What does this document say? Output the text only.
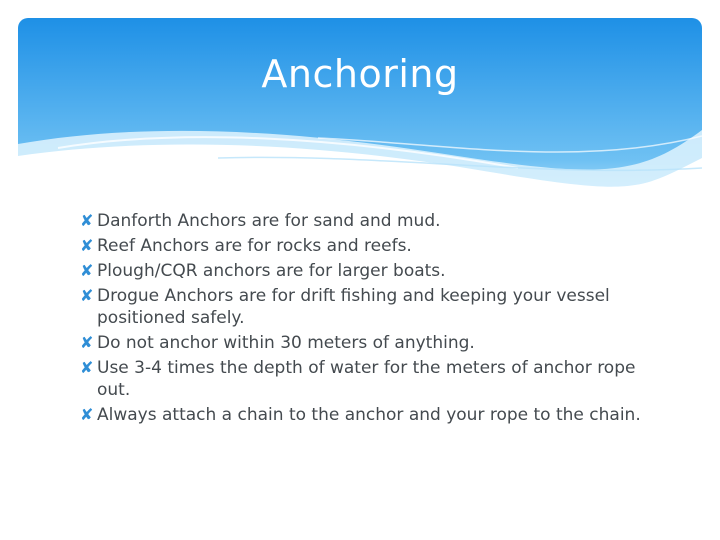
Anchoring
✘ Danforth Anchors are for sand and mud.
✘ Reef Anchors are for rocks and reefs.
✘ Plough/CQR anchors are for larger boats.
✘ Drogue Anchors are for drift fishing and keeping your vessel positioned safely.
✘ Do not anchor within 30 meters of anything.
✘ Use 3-4 times the depth of water for the meters of anchor rope out.
✘ Always attach a chain to the anchor and your rope to the chain.
